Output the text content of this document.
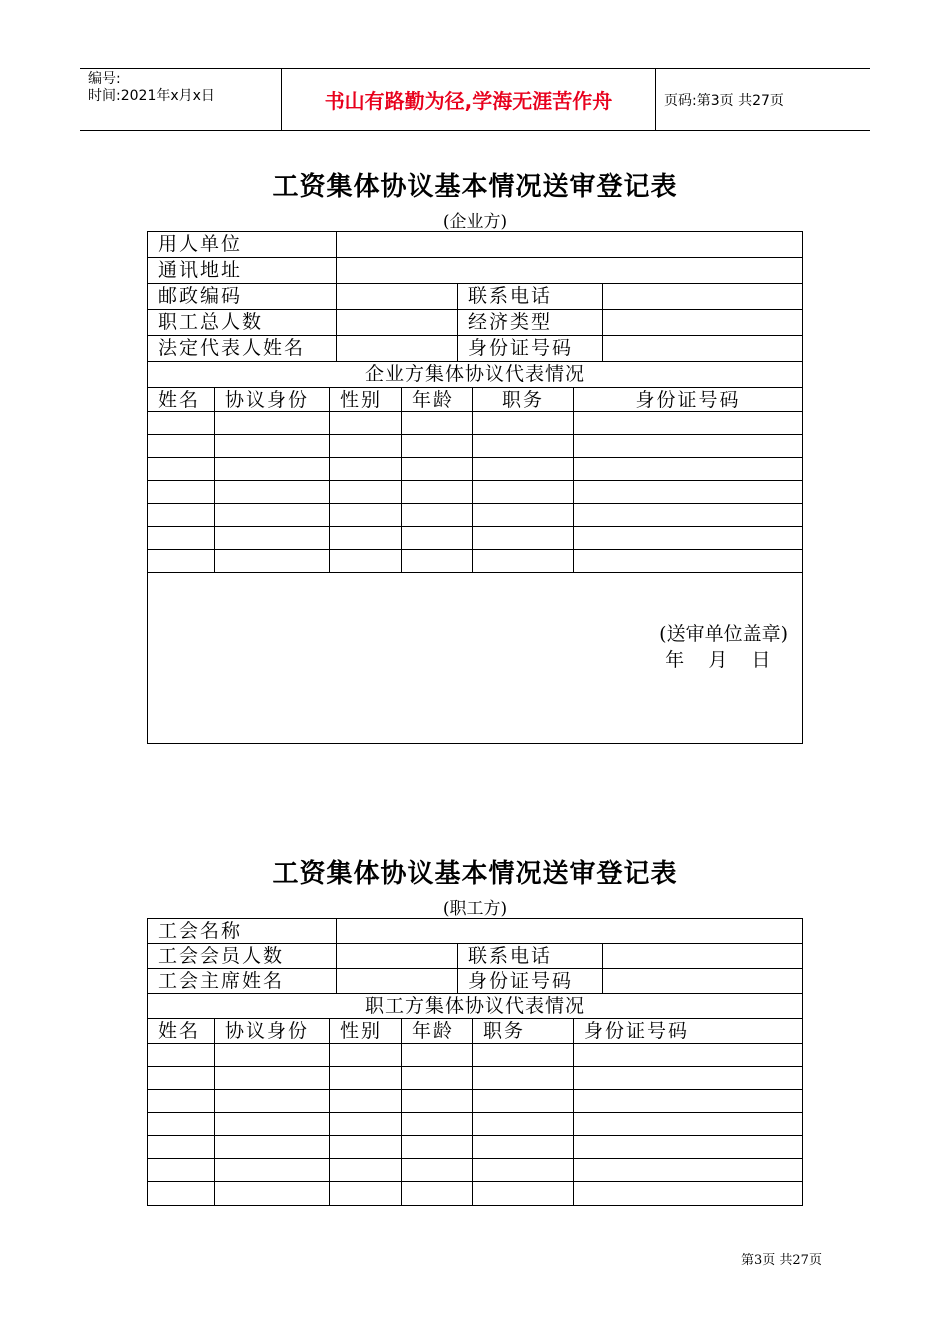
编号:
时间:2021年x月x日	书山有路勤为径,学海无涯苦作舟	页码:第3页 共27页
工资集体协议基本情况送审登记表
(企业方)
用人单位
通讯地址
邮政编码	联系电话
职工总人数	经济类型
法定代表人姓名	身份证号码
企业方集体协议代表情况
姓名	协议身份	性别	年龄	职务	身份证号码
(送审单位盖章)
年    月    日
工资集体协议基本情况送审登记表
(职工方)
工会名称
工会会员人数	联系电话
工会主席姓名	身份证号码
职工方集体协议代表情况
姓名	协议身份	性别	年龄	职务	身份证号码
第3页 共27页
